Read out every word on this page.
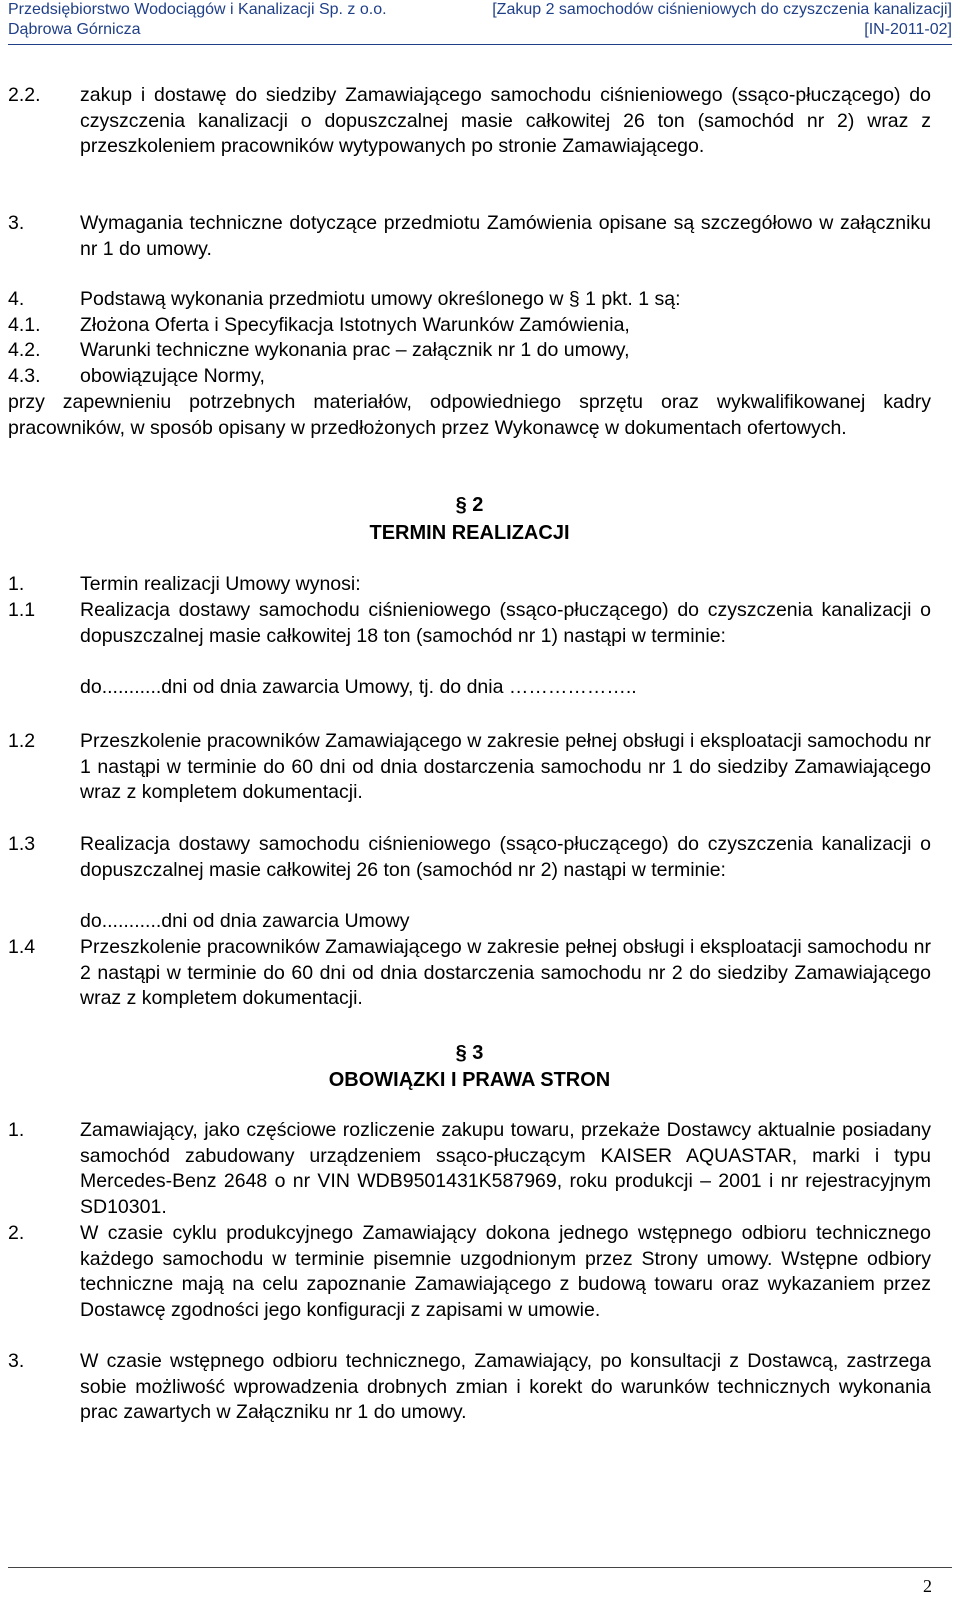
Przedsiębiorstwo Wodociągów i Kanalizacji Sp. z o.o.	[Zakup 2 samochodów ciśnieniowych do czyszczenia kanalizacji]
Dąbrowa Górnicza	[IN-2011-02]
2.2. zakup i dostawę do siedziby Zamawiającego samochodu ciśnieniowego (ssąco-płuczącego) do czyszczenia kanalizacji o dopuszczalnej masie całkowitej 26 ton (samochód nr 2) wraz z przeszkoleniem pracowników wytypowanych po stronie Zamawiającego.
3.	Wymagania techniczne dotyczące przedmiotu Zamówienia opisane są szczegółowo w załączniku nr 1 do umowy.
4.	Podstawą wykonania przedmiotu umowy określonego w § 1 pkt. 1 są:
4.1. Złożona Oferta i Specyfikacja Istotnych Warunków Zamówienia,
4.2. Warunki techniczne wykonania prac – załącznik nr 1 do umowy,
4.3. obowiązujące Normy,
przy zapewnieniu potrzebnych materiałów, odpowiedniego sprzętu oraz wykwalifikowanej kadry pracowników, w sposób opisany w przedłożonych przez Wykonawcę w dokumentach ofertowych.
§ 2
TERMIN REALIZACJI
1.	Termin realizacji Umowy wynosi:
1.1 Realizacja dostawy samochodu ciśnieniowego (ssąco-płuczącego) do czyszczenia kanalizacji o dopuszczalnej masie całkowitej 18 ton (samochód nr 1) nastąpi w terminie:
do...........dni od dnia zawarcia Umowy, tj. do dnia ………………..
1.2 Przeszkolenie pracowników Zamawiającego w zakresie pełnej obsługi i eksploatacji samochodu nr 1 nastąpi w terminie do 60 dni od dnia dostarczenia samochodu nr 1 do siedziby Zamawiającego wraz z kompletem dokumentacji.
1.3 Realizacja dostawy samochodu ciśnieniowego (ssąco-płuczącego) do czyszczenia kanalizacji o dopuszczalnej masie całkowitej 26 ton (samochód nr 2) nastąpi w terminie:
do...........dni od dnia zawarcia Umowy
1.4 Przeszkolenie pracowników Zamawiającego w zakresie pełnej obsługi i eksploatacji samochodu nr 2 nastąpi w terminie do 60 dni od dnia dostarczenia samochodu nr 2 do siedziby Zamawiającego wraz z kompletem dokumentacji.
§ 3
OBOWIĄZKI I PRAWA STRON
1.	Zamawiający, jako częściowe rozliczenie zakupu towaru, przekaże Dostawcy aktualnie posiadany samochód zabudowany urządzeniem ssąco-płuczącym KAISER AQUASTAR, marki i typu Mercedes-Benz 2648 o nr VIN WDB9501431K587969, roku produkcji – 2001 i nr rejestracyjnym SD10301.
2.	W czasie cyklu produkcyjnego Zamawiający dokona jednego wstępnego odbioru technicznego każdego samochodu w terminie pisemnie uzgodnionym przez Strony umowy. Wstępne odbiory techniczne mają na celu zapoznanie Zamawiającego z budową towaru oraz wykazaniem przez Dostawcę zgodności jego konfiguracji z zapisami w umowie.
3.	W czasie wstępnego odbioru technicznego, Zamawiający, po konsultacji z Dostawcą, zastrzega sobie możliwość wprowadzenia drobnych zmian i korekt do warunków technicznych wykonania prac zawartych w Załączniku nr 1 do umowy.
2
